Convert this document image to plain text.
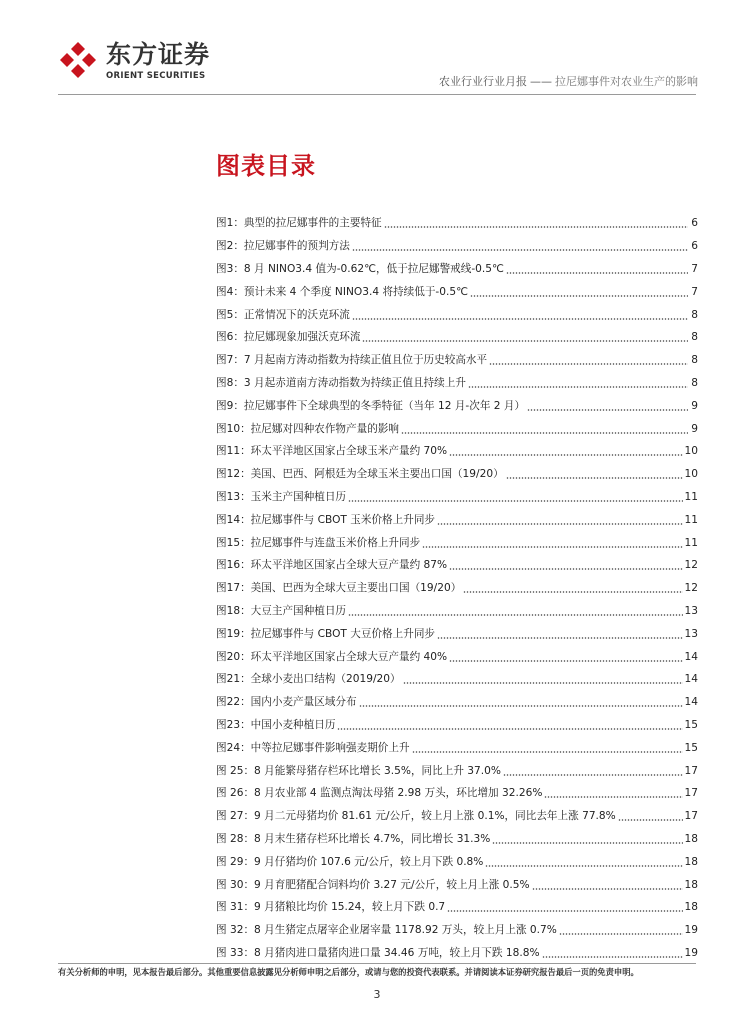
东方证券
ORIENT SECURITIES	农业行业行业月报 —— 拉尼娜事件对农业生产的影响
图表目录
图1：典型的拉尼娜事件的主要特征	6
图2：拉尼娜事件的预判方法	6
图3：8 月 NINO3.4 值为-0.62℃，低于拉尼娜警戒线-0.5℃	7
图4：预计未来 4 个季度 NINO3.4 将持续低于-0.5℃	7
图5：正常情况下的沃克环流	8
图6：拉尼娜现象加强沃克环流	8
图7：7 月起南方涛动指数为持续正值且位于历史较高水平	8
图8：3 月起赤道南方涛动指数为持续正值且持续上升	8
图9：拉尼娜事件下全球典型的冬季特征（当年 12 月-次年 2 月）	9
图10：拉尼娜对四种农作物产量的影响	9
图11：环太平洋地区国家占全球玉米产量约 70%	10
图12：美国、巴西、阿根廷为全球玉米主要出口国（19/20）	10
图13：玉米主产国种植日历	11
图14：拉尼娜事件与 CBOT 玉米价格上升同步	11
图15：拉尼娜事件与连盘玉米价格上升同步	11
图16：环太平洋地区国家占全球大豆产量约 87%	12
图17：美国、巴西为全球大豆主要出口国（19/20）	12
图18：大豆主产国种植日历	13
图19：拉尼娜事件与 CBOT 大豆价格上升同步	13
图20：环太平洋地区国家占全球大豆产量约 40%	14
图21：全球小麦出口结构（2019/20）	14
图22：国内小麦产量区域分布	14
图23：中国小麦种植日历	15
图24：中等拉尼娜事件影响强麦期价上升	15
图 25：8 月能繁母猪存栏环比增长 3.5%，同比上升 37.0%	17
图 26：8 月农业部 4 监测点淘汰母猪 2.98 万头，环比增加 32.26%	17
图 27：9 月二元母猪均价 81.61 元/公斤，较上月上涨 0.1%，同比去年上涨 77.8%	17
图 28：8 月末生猪存栏环比增长 4.7%，同比增长 31.3%	18
图 29：9 月仔猪均价 107.6 元/公斤，较上月下跌 0.8%	18
图 30：9 月育肥猪配合饲料均价 3.27 元/公斤，较上月上涨 0.5%	18
图 31：9 月猪粮比均价 15.24，较上月下跌 0.7	18
图 32：8 月生猪定点屠宰企业屠宰量 1178.92 万头，较上月上涨 0.7%	19
图 33：8 月猪肉进口量猪肉进口量 34.46 万吨，较上月下跌 18.8%	19
有关分析师的申明，见本报告最后部分。其他重要信息披露见分析师申明之后部分，或请与您的投资代表联系。并请阅读本证券研究报告最后一页的免责申明。
3
